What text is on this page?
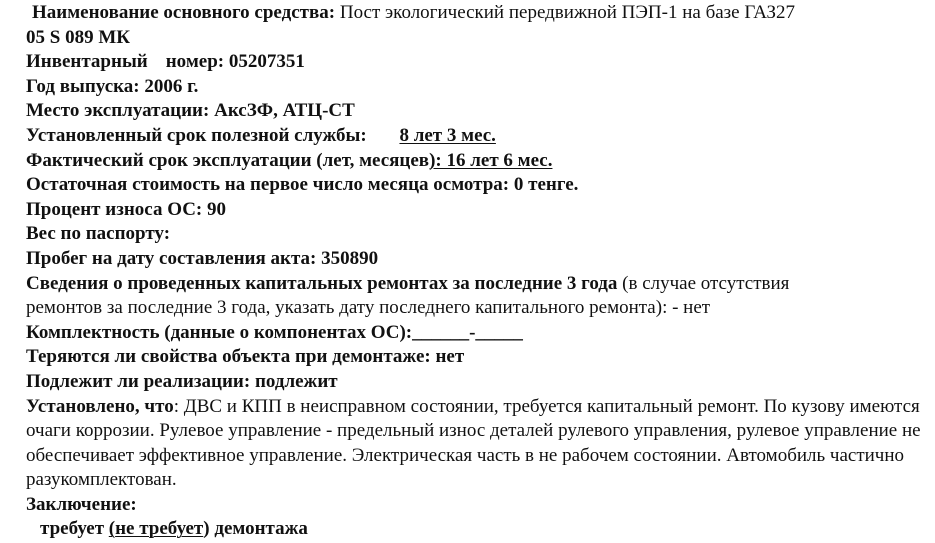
Наименование основного средства: Пост экологический передвижной ПЭП-1 на базе ГАЗ27
05 S 089 МК
Инвентарный номер: 05207351
Год выпуска: 2006 г.
Место эксплуатации: АксЗФ, АТЦ-СТ
Установленный срок полезной службы: 8 лет 3 мес.
Фактический срок эксплуатации (лет, месяцев): 16 лет 6 мес.
Остаточная стоимость на первое число месяца осмотра: 0 тенге.
Процент износа ОС: 90
Вес по паспорту:
Пробег на дату составления акта: 350890
Сведения о проведенных капитальных ремонтах за последние 3 года (в случае отсутствия
ремонтов за последние 3 года, указать дату последнего капитального ремонта): - нет
Комплектность (данные о компонентах ОС):______-_____
Теряются ли свойства объекта при демонтаже: нет
Подлежит ли реализации: подлежит
Установлено, что: ДВС и КПП в неисправном состоянии, требуется капитальный ремонт. По кузову имеются очаги коррозии. Рулевое управление - предельный износ деталей рулевого управления, рулевое управление не обеспечивает эффективное управление. Электрическая часть в не рабочем состоянии. Автомобиль частично разукомплектован.
Заключение:
требует (не требует) демонтажа
